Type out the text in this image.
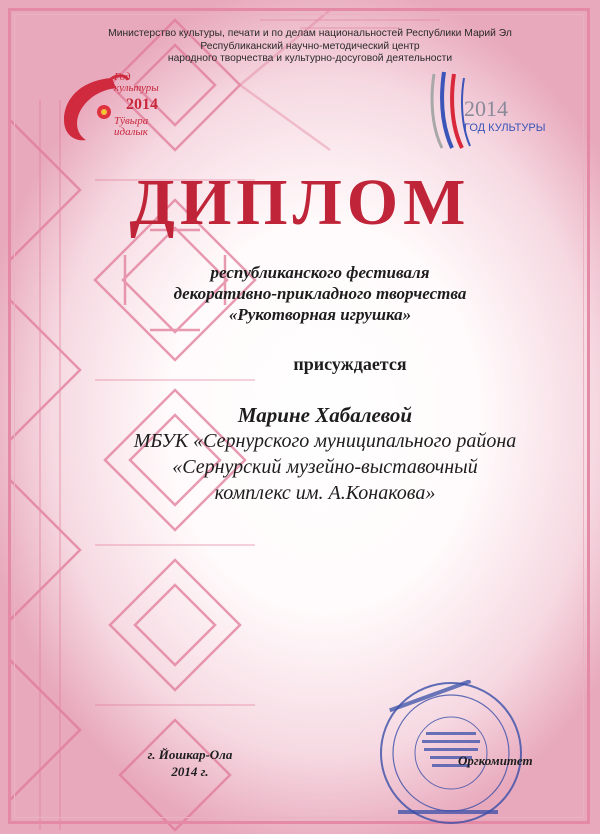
Министерство культуры, печати и по делам национальностей Республики Марий Эл
Республиканский научно-методический центр
народного творчества и культурно-досуговой деятельности
Год
культуры
2014
Тӱвыра
идалык
2014
ГОД КУЛЬТУРЫ
ДИПЛОМ
республиканского фестиваля
декоративно-прикладного творчества
«Рукотворная игрушка»
присуждается
Марине Хабалевой
МБУК «Сернурского муниципального района
«Сернурский музейно-выставочный
комплекс им. А.Конакова»
г. Йошкар-Ола
2014 г.
Оргкомитет
